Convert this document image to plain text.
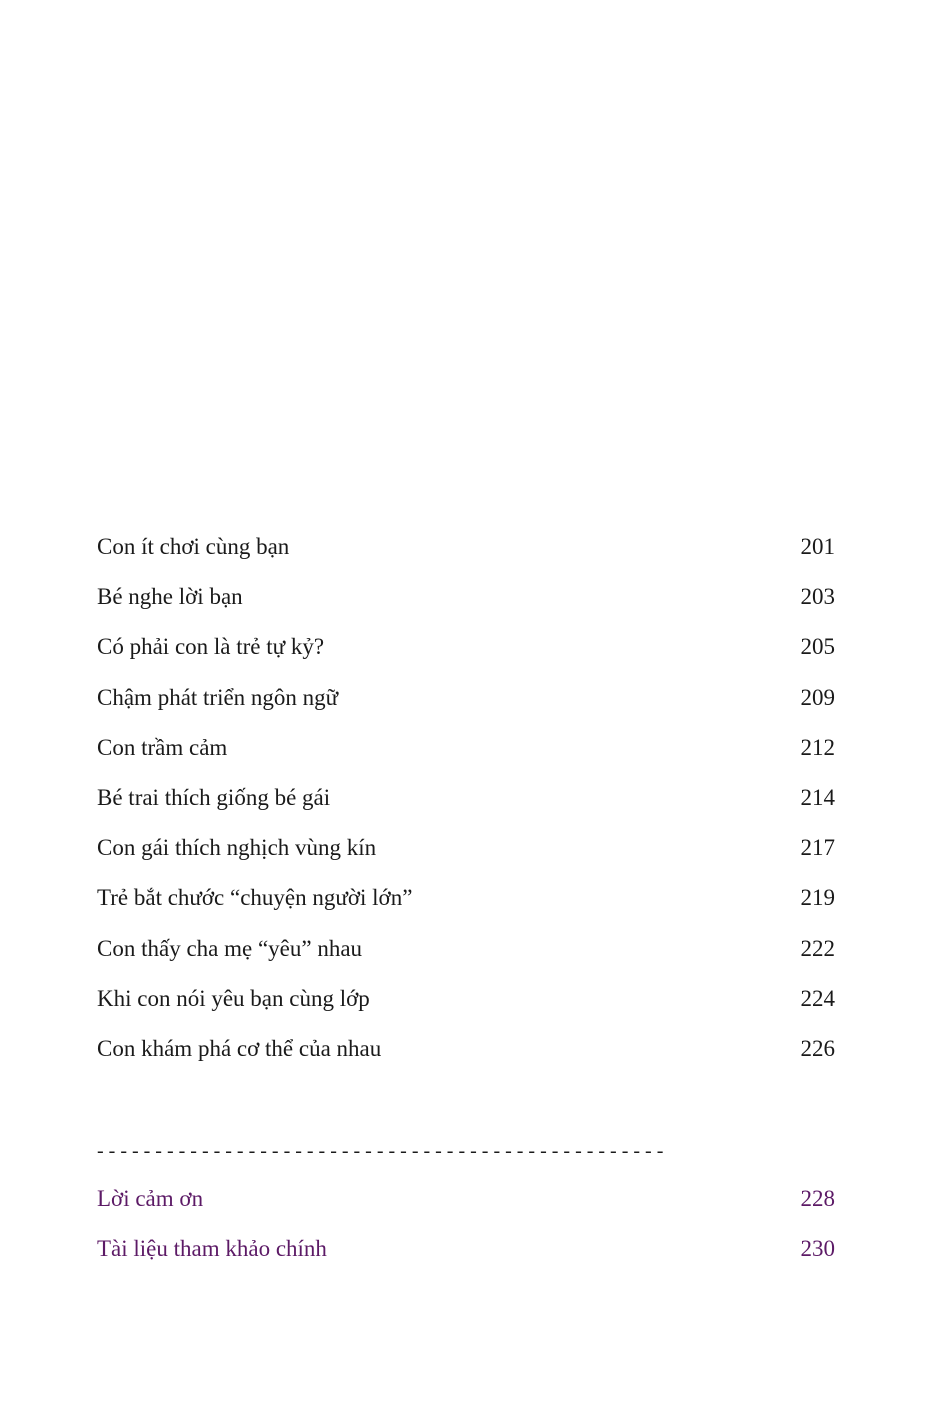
Con ít chơi cùng bạn	201
Bé nghe lời bạn	203
Có phải con là trẻ tự kỷ?	205
Chậm phát triển ngôn ngữ	209
Con trầm cảm	212
Bé trai thích giống bé gái	214
Con gái thích nghịch vùng kín	217
Trẻ bắt chước “chuyện người lớn”	219
Con thấy cha mẹ “yêu” nhau	222
Khi con nói yêu bạn cùng lớp	224
Con khám phá cơ thể của nhau	226
- - - - - - - - - - - - - - - - - - - - - - - - - - - - - - - - - - - - - - - - - - - - - - - - -
Lời cảm ơn	228
Tài liệu tham khảo chính	230
